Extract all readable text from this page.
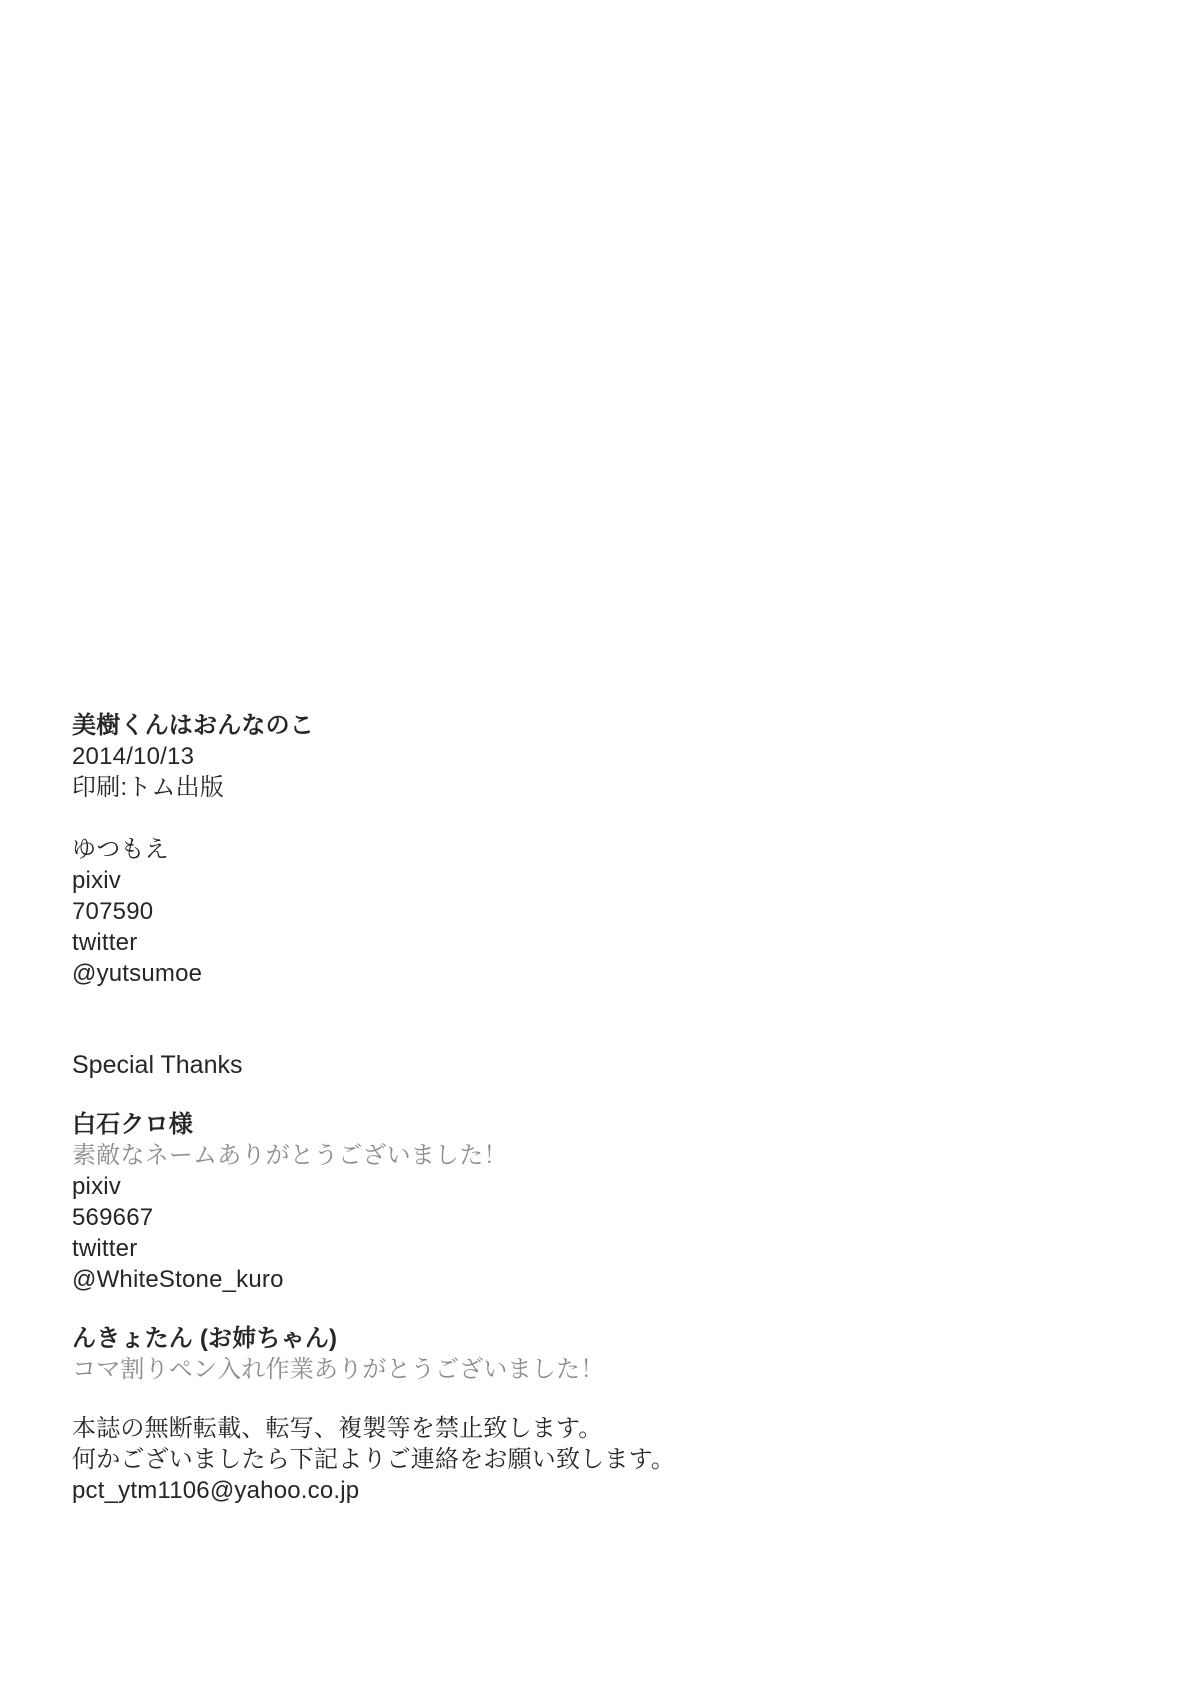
美樹くんはおんなのこ
2014/10/13
印刷:トム出版
ゆつもえ
pixiv
707590
twitter
@yutsumoe
Special Thanks
白石クロ様
素敵なネームありがとうございました！
pixiv
569667
twitter
@WhiteStone_kuro
んきょたん (お姉ちゃん)
コマ割りペン入れ作業ありがとうございました！
本誌の無断転載、転写、複製等を禁止致します。
何かございましたら下記よりご連絡をお願い致します。
pct_ytm1106@yahoo.co.jp
